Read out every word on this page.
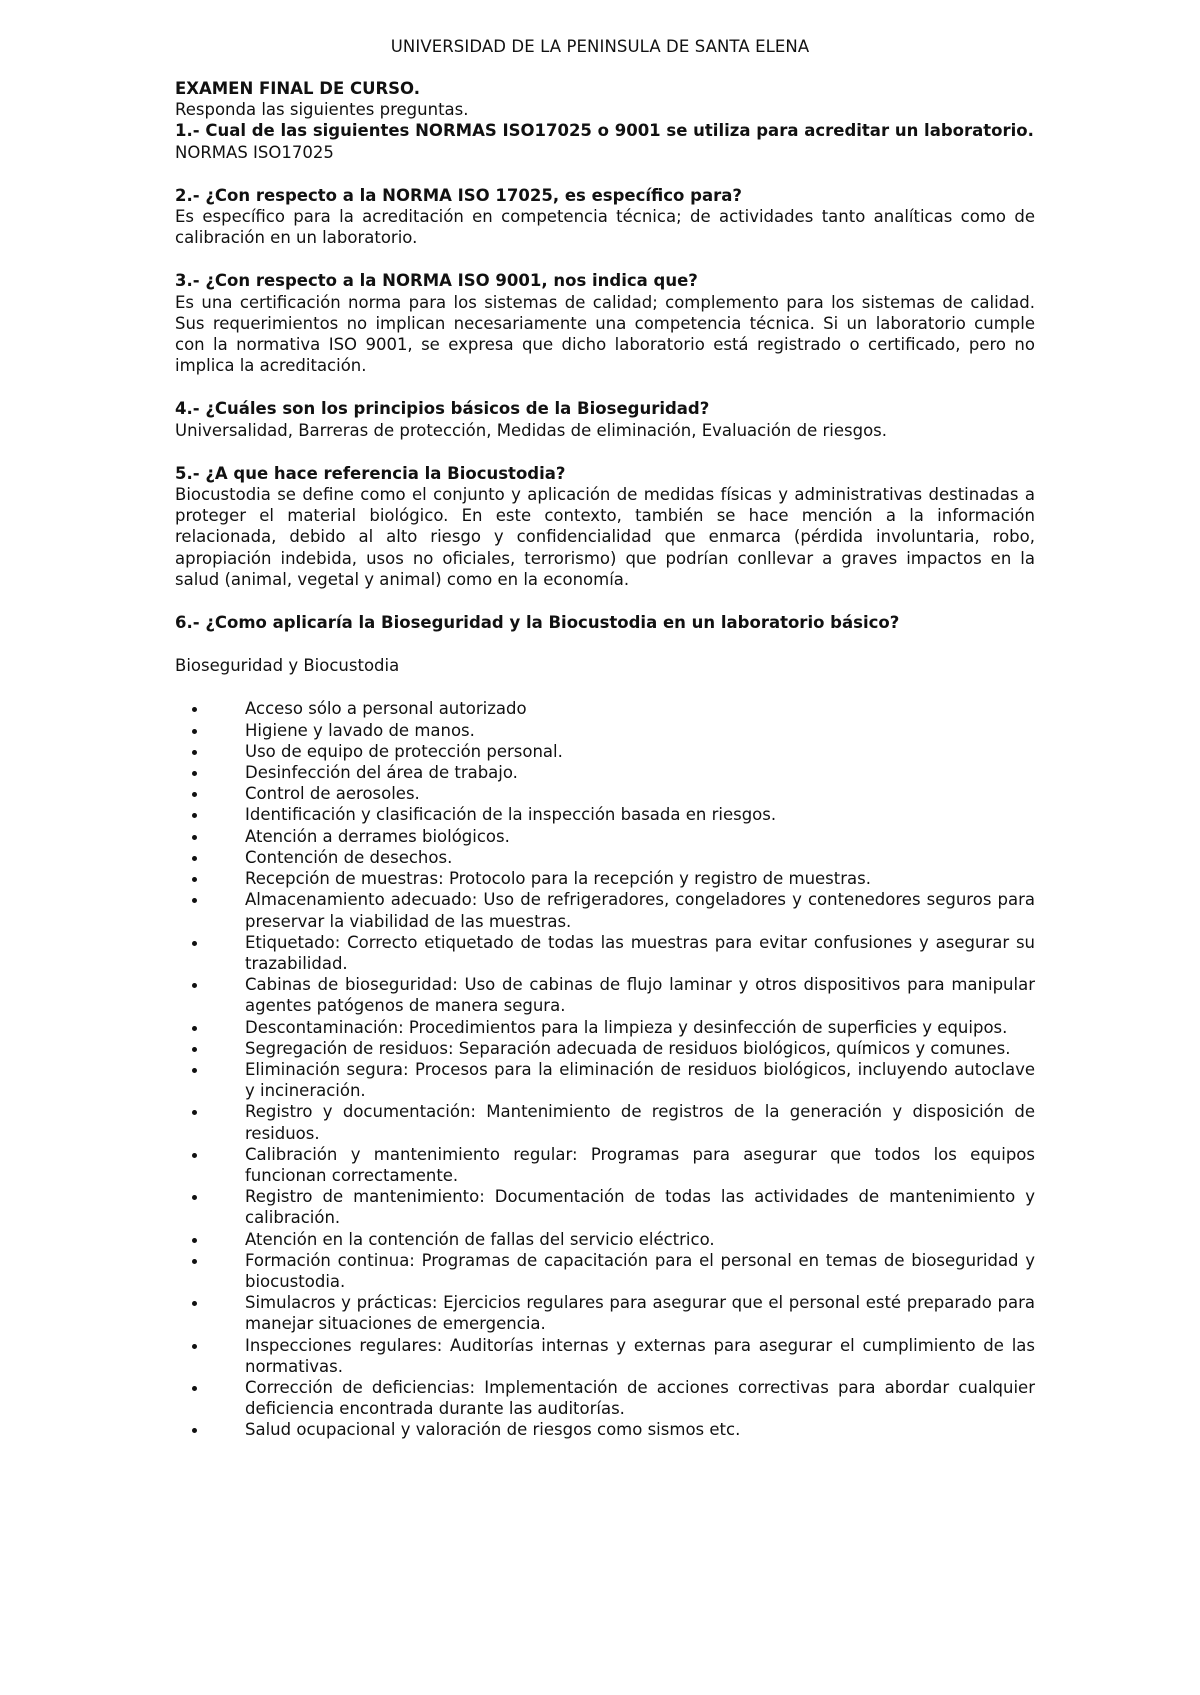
UNIVERSIDAD DE LA PENINSULA DE SANTA ELENA

EXAMEN FINAL DE CURSO.

Responda las siguientes preguntas.

1.- Cual de las siguientes NORMAS ISO17025 o 9001 se utiliza para acreditar un laboratorio.

NORMAS ISO17025

2.- ¿Con respecto a la NORMA ISO 17025, es específico para?

Es específico para la acreditación en competencia técnica; de actividades tanto analíticas como de calibración en un laboratorio.

3.- ¿Con respecto a la NORMA ISO 9001, nos indica que?

Es una certificación norma para los sistemas de calidad; complemento para los sistemas de calidad. Sus requerimientos no implican necesariamente una competencia técnica. Si un laboratorio cumple con la normativa ISO 9001, se expresa que dicho laboratorio está registrado o certificado, pero no implica la acreditación.

4.- ¿Cuáles son los principios básicos de la Bioseguridad?

Universalidad, Barreras de protección, Medidas de eliminación, Evaluación de riesgos.

5.- ¿A que hace referencia la Biocustodia?

Biocustodia se define como el conjunto y aplicación de medidas físicas y administrativas destinadas a proteger el material biológico. En este contexto, también se hace mención a la información relacionada, debido al alto riesgo y confidencialidad que enmarca (pérdida involuntaria, robo, apropiación indebida, usos no oficiales, terrorismo) que podrían conllevar a graves impactos en la salud (animal, vegetal y animal) como en la economía.

6.- ¿Como aplicaría la Bioseguridad y la Biocustodia en un laboratorio básico?

Bioseguridad y Biocustodia

Acceso sólo a personal autorizado
Higiene y lavado de manos.
Uso de equipo de protección personal.
Desinfección del área de trabajo.
Control de aerosoles.
Identificación y clasificación de la inspección basada en riesgos.
Atención a derrames biológicos.
Contención de desechos.
Recepción de muestras: Protocolo para la recepción y registro de muestras.
Almacenamiento adecuado: Uso de refrigeradores, congeladores y contenedores seguros para preservar la viabilidad de las muestras.
Etiquetado: Correcto etiquetado de todas las muestras para evitar confusiones y asegurar su trazabilidad.
Cabinas de bioseguridad: Uso de cabinas de flujo laminar y otros dispositivos para manipular agentes patógenos de manera segura.
Descontaminación: Procedimientos para la limpieza y desinfección de superficies y equipos.
Segregación de residuos: Separación adecuada de residuos biológicos, químicos y comunes.
Eliminación segura: Procesos para la eliminación de residuos biológicos, incluyendo autoclave y incineración.
Registro y documentación: Mantenimiento de registros de la generación y disposición de residuos.
Calibración y mantenimiento regular: Programas para asegurar que todos los equipos funcionan correctamente.
Registro de mantenimiento: Documentación de todas las actividades de mantenimiento y calibración.
Atención en la contención de fallas del servicio eléctrico.
Formación continua: Programas de capacitación para el personal en temas de bioseguridad y biocustodia.
Simulacros y prácticas: Ejercicios regulares para asegurar que el personal esté preparado para manejar situaciones de emergencia.
Inspecciones regulares: Auditorías internas y externas para asegurar el cumplimiento de las normativas.
Corrección de deficiencias: Implementación de acciones correctivas para abordar cualquier deficiencia encontrada durante las auditorías.
Salud ocupacional y valoración de riesgos como sismos etc.
